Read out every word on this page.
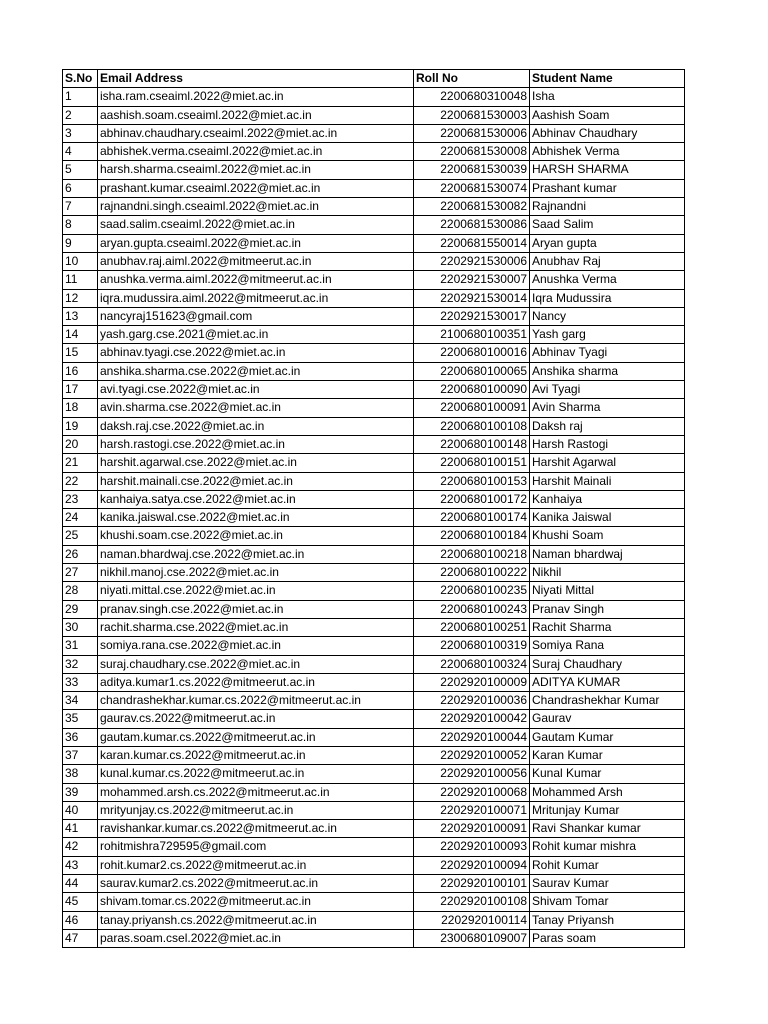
S.No	Email Address	Roll No	Student Name
1	isha.ram.cseaiml.2022@miet.ac.in	2200680310048	Isha
2	aashish.soam.cseaiml.2022@miet.ac.in	2200681530003	Aashish Soam
3	abhinav.chaudhary.cseaiml.2022@miet.ac.in	2200681530006	Abhinav Chaudhary
4	abhishek.verma.cseaiml.2022@miet.ac.in	2200681530008	Abhishek Verma
5	harsh.sharma.cseaiml.2022@miet.ac.in	2200681530039	HARSH SHARMA
6	prashant.kumar.cseaiml.2022@miet.ac.in	2200681530074	Prashant kumar
7	rajnandni.singh.cseaiml.2022@miet.ac.in	2200681530082	Rajnandni
8	saad.salim.cseaiml.2022@miet.ac.in	2200681530086	Saad Salim
9	aryan.gupta.cseaiml.2022@miet.ac.in	2200681550014	Aryan gupta
10	anubhav.raj.aiml.2022@mitmeerut.ac.in	2202921530006	Anubhav Raj
11	anushka.verma.aiml.2022@mitmeerut.ac.in	2202921530007	Anushka Verma
12	iqra.mudussira.aiml.2022@mitmeerut.ac.in	2202921530014	Iqra Mudussira
13	nancyraj151623@gmail.com	2202921530017	Nancy
14	yash.garg.cse.2021@miet.ac.in	2100680100351	Yash garg
15	abhinav.tyagi.cse.2022@miet.ac.in	2200680100016	Abhinav Tyagi
16	anshika.sharma.cse.2022@miet.ac.in	2200680100065	Anshika sharma
17	avi.tyagi.cse.2022@miet.ac.in	2200680100090	Avi Tyagi
18	avin.sharma.cse.2022@miet.ac.in	2200680100091	Avin Sharma
19	daksh.raj.cse.2022@miet.ac.in	2200680100108	Daksh raj
20	harsh.rastogi.cse.2022@miet.ac.in	2200680100148	Harsh Rastogi
21	harshit.agarwal.cse.2022@miet.ac.in	2200680100151	Harshit Agarwal
22	harshit.mainali.cse.2022@miet.ac.in	2200680100153	Harshit Mainali
23	kanhaiya.satya.cse.2022@miet.ac.in	2200680100172	Kanhaiya
24	kanika.jaiswal.cse.2022@miet.ac.in	2200680100174	Kanika Jaiswal
25	khushi.soam.cse.2022@miet.ac.in	2200680100184	Khushi Soam
26	naman.bhardwaj.cse.2022@miet.ac.in	2200680100218	Naman bhardwaj
27	nikhil.manoj.cse.2022@miet.ac.in	2200680100222	Nikhil
28	niyati.mittal.cse.2022@miet.ac.in	2200680100235	Niyati Mittal
29	pranav.singh.cse.2022@miet.ac.in	2200680100243	Pranav Singh
30	rachit.sharma.cse.2022@miet.ac.in	2200680100251	Rachit Sharma
31	somiya.rana.cse.2022@miet.ac.in	2200680100319	Somiya Rana
32	suraj.chaudhary.cse.2022@miet.ac.in	2200680100324	Suraj Chaudhary
33	aditya.kumar1.cs.2022@mitmeerut.ac.in	2202920100009	ADITYA KUMAR
34	chandrashekhar.kumar.cs.2022@mitmeerut.ac.in	2202920100036	Chandrashekhar Kumar
35	gaurav.cs.2022@mitmeerut.ac.in	2202920100042	Gaurav
36	gautam.kumar.cs.2022@mitmeerut.ac.in	2202920100044	Gautam Kumar
37	karan.kumar.cs.2022@mitmeerut.ac.in	2202920100052	Karan Kumar
38	kunal.kumar.cs.2022@mitmeerut.ac.in	2202920100056	Kunal Kumar
39	mohammed.arsh.cs.2022@mitmeerut.ac.in	2202920100068	Mohammed Arsh
40	mrityunjay.cs.2022@mitmeerut.ac.in	2202920100071	Mritunjay Kumar
41	ravishankar.kumar.cs.2022@mitmeerut.ac.in	2202920100091	Ravi Shankar kumar
42	rohitmishra729595@gmail.com	2202920100093	Rohit kumar mishra
43	rohit.kumar2.cs.2022@mitmeerut.ac.in	2202920100094	Rohit Kumar
44	saurav.kumar2.cs.2022@mitmeerut.ac.in	2202920100101	Saurav Kumar
45	shivam.tomar.cs.2022@mitmeerut.ac.in	2202920100108	Shivam Tomar
46	tanay.priyansh.cs.2022@mitmeerut.ac.in	2202920100114	Tanay Priyansh
47	paras.soam.csel.2022@miet.ac.in	2300680109007	Paras soam
